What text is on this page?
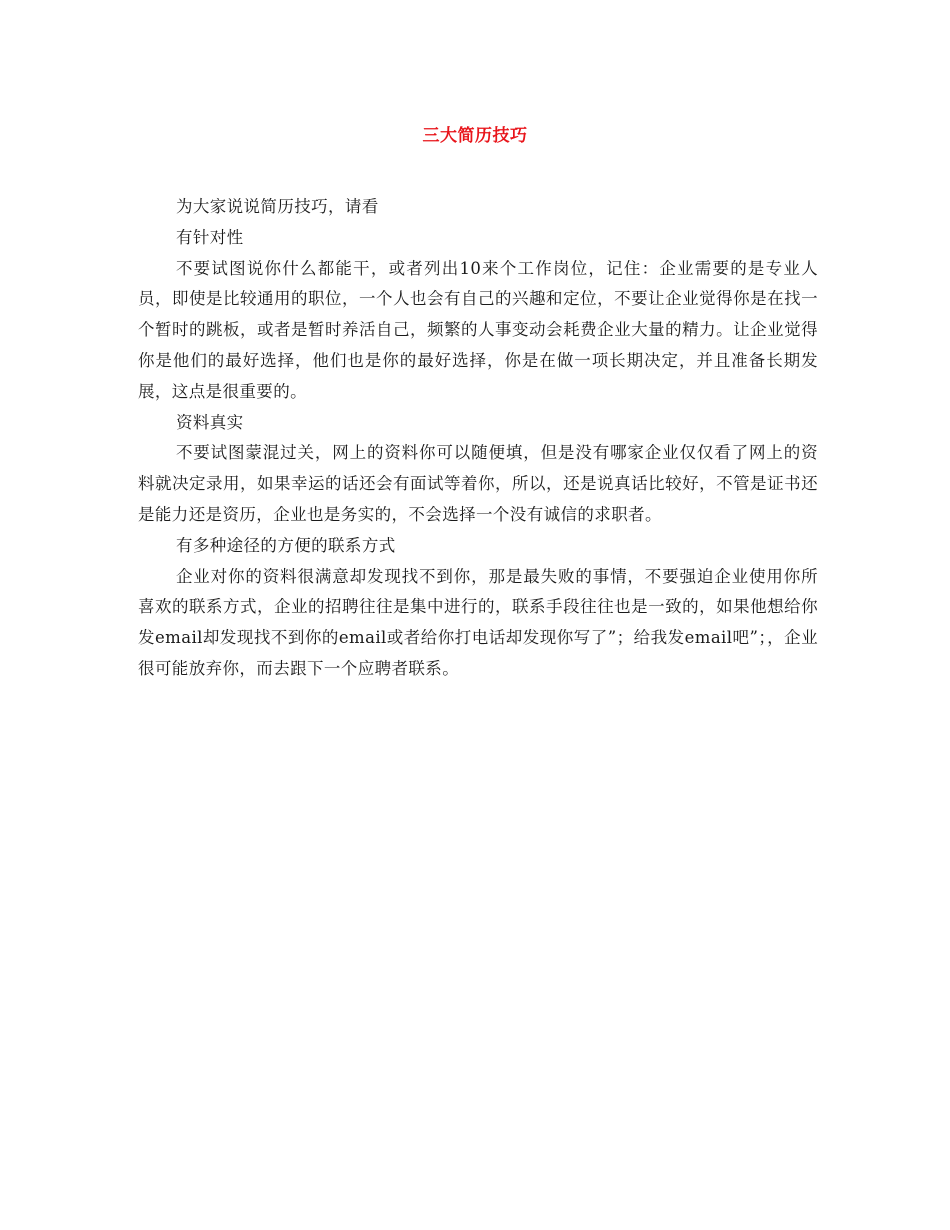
三大简历技巧

为大家说说简历技巧，请看

有针对性

不要试图说你什么都能干，或者列出10来个工作岗位，记住：企业需要的是专业人员，即使是比较通用的职位，一个人也会有自己的兴趣和定位，不要让企业觉得你是在找一个暂时的跳板，或者是暂时养活自己，频繁的人事变动会耗费企业大量的精力。让企业觉得你是他们的最好选择，他们也是你的最好选择，你是在做一项长期决定，并且准备长期发展，这点是很重要的。

资料真实

不要试图蒙混过关，网上的资料你可以随便填，但是没有哪家企业仅仅看了网上的资料就决定录用，如果幸运的话还会有面试等着你，所以，还是说真话比较好，不管是证书还是能力还是资历，企业也是务实的，不会选择一个没有诚信的求职者。

有多种途径的方便的联系方式

企业对你的资料很满意却发现找不到你，那是最失败的事情，不要强迫企业使用你所喜欢的联系方式，企业的招聘往往是集中进行的，联系手段往往也是一致的，如果他想给你发email却发现找不到你的email或者给你打电话却发现你写了”；给我发email吧”；，企业很可能放弃你，而去跟下一个应聘者联系。
